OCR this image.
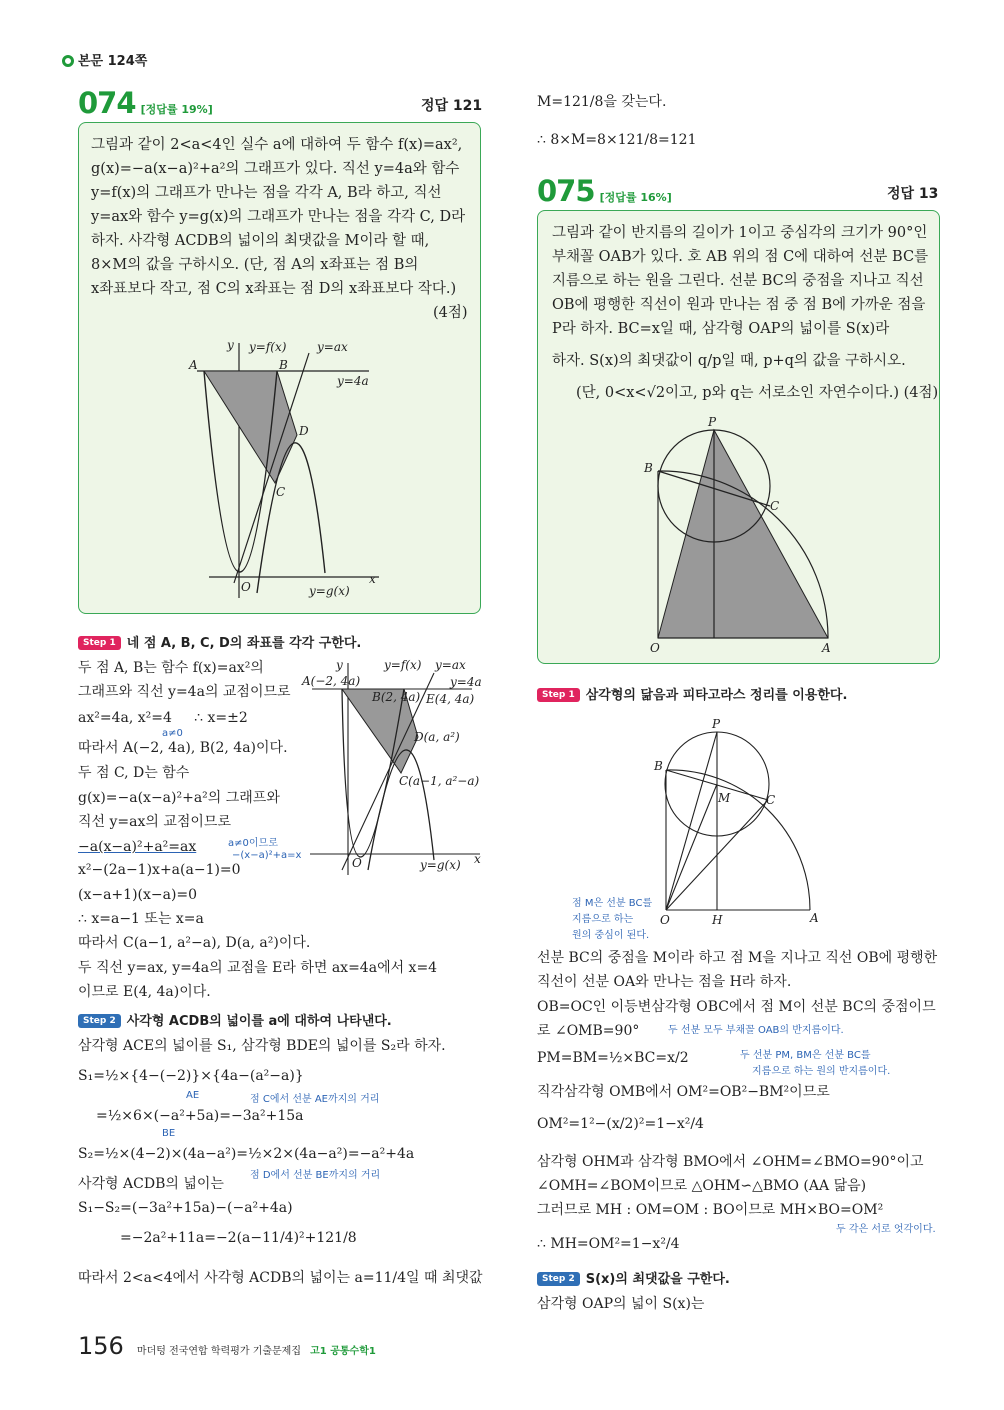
본문 124쪽
074 [정답률 19%]	정답 121
그림과 같이 2<a<4인 실수 a에 대하여 두 함수 f(x)=ax²,
g(x)=−a(x−a)²+a²의 그래프가 있다. 직선 y=4a와 함수
y=f(x)의 그래프가 만나는 점을 각각 A, B라 하고, 직선
y=ax와 함수 y=g(x)의 그래프가 만나는 점을 각각 C, D라
하자. 사각형 ACDB의 넓이의 최댓값을 M이라 할 때,
8×M의 값을 구하시오. (단, 점 A의 x좌표는 점 B의
x좌표보다 작고, 점 C의 x좌표는 점 D의 x좌표보다 작다.)
(4점)
y y=f(x)	y=ax
A	B
y=4a
D
C
O
x
y=g(x)
Step 1 네 점 A, B, C, D의 좌표를 각각 구한다.
두 점 A, B는 함수 f(x)=ax²의
그래프와 직선 y=4a의 교점이므로
ax²=4a, x²=4     ∴ x=±2
a≠0
따라서 A(−2, 4a), B(2, 4a)이다.
두 점 C, D는 함수
g(x)=−a(x−a)²+a²의 그래프와
직선 y=ax의 교점이므로
−a(x−a)²+a²=ax	a≠0이므로
−(x−a)²+a=x
x²−(2a−1)x+a(a−1)=0
(x−a+1)(x−a)=0
∴ x=a−1 또는 x=a
따라서 C(a−1, a²−a), D(a, a²)이다.
두 직선 y=ax, y=4a의 교점을 E라 하면 ax=4a에서 x=4
이므로 E(4, 4a)이다.
y	y=f(x) y=ax
A(−2, 4a)	y=4a
B(2, 4a) E(4, 4a)
D(a, a²)
C(a−1, a²−a)
O	x
y=g(x)
Step 2 사각형 ACDB의 넓이를 a에 대하여 나타낸다.
삼각형 ACE의 넓이를 S₁, 삼각형 BDE의 넓이를 S₂라 하자.
S₁=½×{4−(−2)}×{4a−(a²−a)}
AE	점 C에서 선분 AE까지의 거리
=½×6×(−a²+5a)=−3a²+15a
BE
S₂=½×(4−2)×(4a−a²)=½×2×(4a−a²)=−a²+4a
점 D에서 선분 BE까지의 거리
사각형 ACDB의 넓이는
S₁−S₂=(−3a²+15a)−(−a²+4a)
=−2a²+11a=−2(a−11/4)²+121/8
따라서 2<a<4에서 사각형 ACDB의 넓이는 a=11/4일 때 최댓값
M=121/8을 갖는다.
∴ 8×M=8×121/8=121
075 [정답률 16%]	정답 13
그림과 같이 반지름의 길이가 1이고 중심각의 크기가 90°인
부채꼴 OAB가 있다. 호 AB 위의 점 C에 대하여 선분 BC를
지름으로 하는 원을 그린다. 선분 BC의 중점을 지나고 직선
OB에 평행한 직선이 원과 만나는 점 중 점 B에 가까운 점을
P라 하자. BC=x일 때, 삼각형 OAP의 넓이를 S(x)라
하자. S(x)의 최댓값이 q/p일 때, p+q의 값을 구하시오.
(단, 0<x<√2이고, p와 q는 서로소인 자연수이다.) (4점)
P
B
C
O	A
Step 1 삼각형의 닮음과 피타고라스 정리를 이용한다.
P
B
M	C
O	H	A
점 M은 선분 BC를
지름으로 하는
원의 중심이 된다.
선분 BC의 중점을 M이라 하고 점 M을 지나고 직선 OB에 평행한
직선이 선분 OA와 만나는 점을 H라 하자.
OB=OC인 이등변삼각형 OBC에서 점 M이 선분 BC의 중점이므
로 ∠OMB=90°	두 선분 모두 부채꼴 OAB의 반지름이다.
PM=BM=½×BC=x/2	두 선분 PM, BM은 선분 BC를
지름으로 하는 원의 반지름이다.
직각삼각형 OMB에서 OM²=OB²−BM²이므로
OM²=1²−(x/2)²=1−x²/4
삼각형 OHM과 삼각형 BMO에서 ∠OHM=∠BMO=90°이고
∠OMH=∠BOM이므로 △OHM∽△BMO (AA 닮음)
그러므로 MH : OM=OM : BO이므로 MH×BO=OM²
두 각은 서로 엇각이다.
∴ MH=OM²=1−x²/4
Step 2 S(x)의 최댓값을 구한다.
삼각형 OAP의 넓이 S(x)는
156 마더텅 전국연합 학력평가 기출문제집 고1 공통수학1
